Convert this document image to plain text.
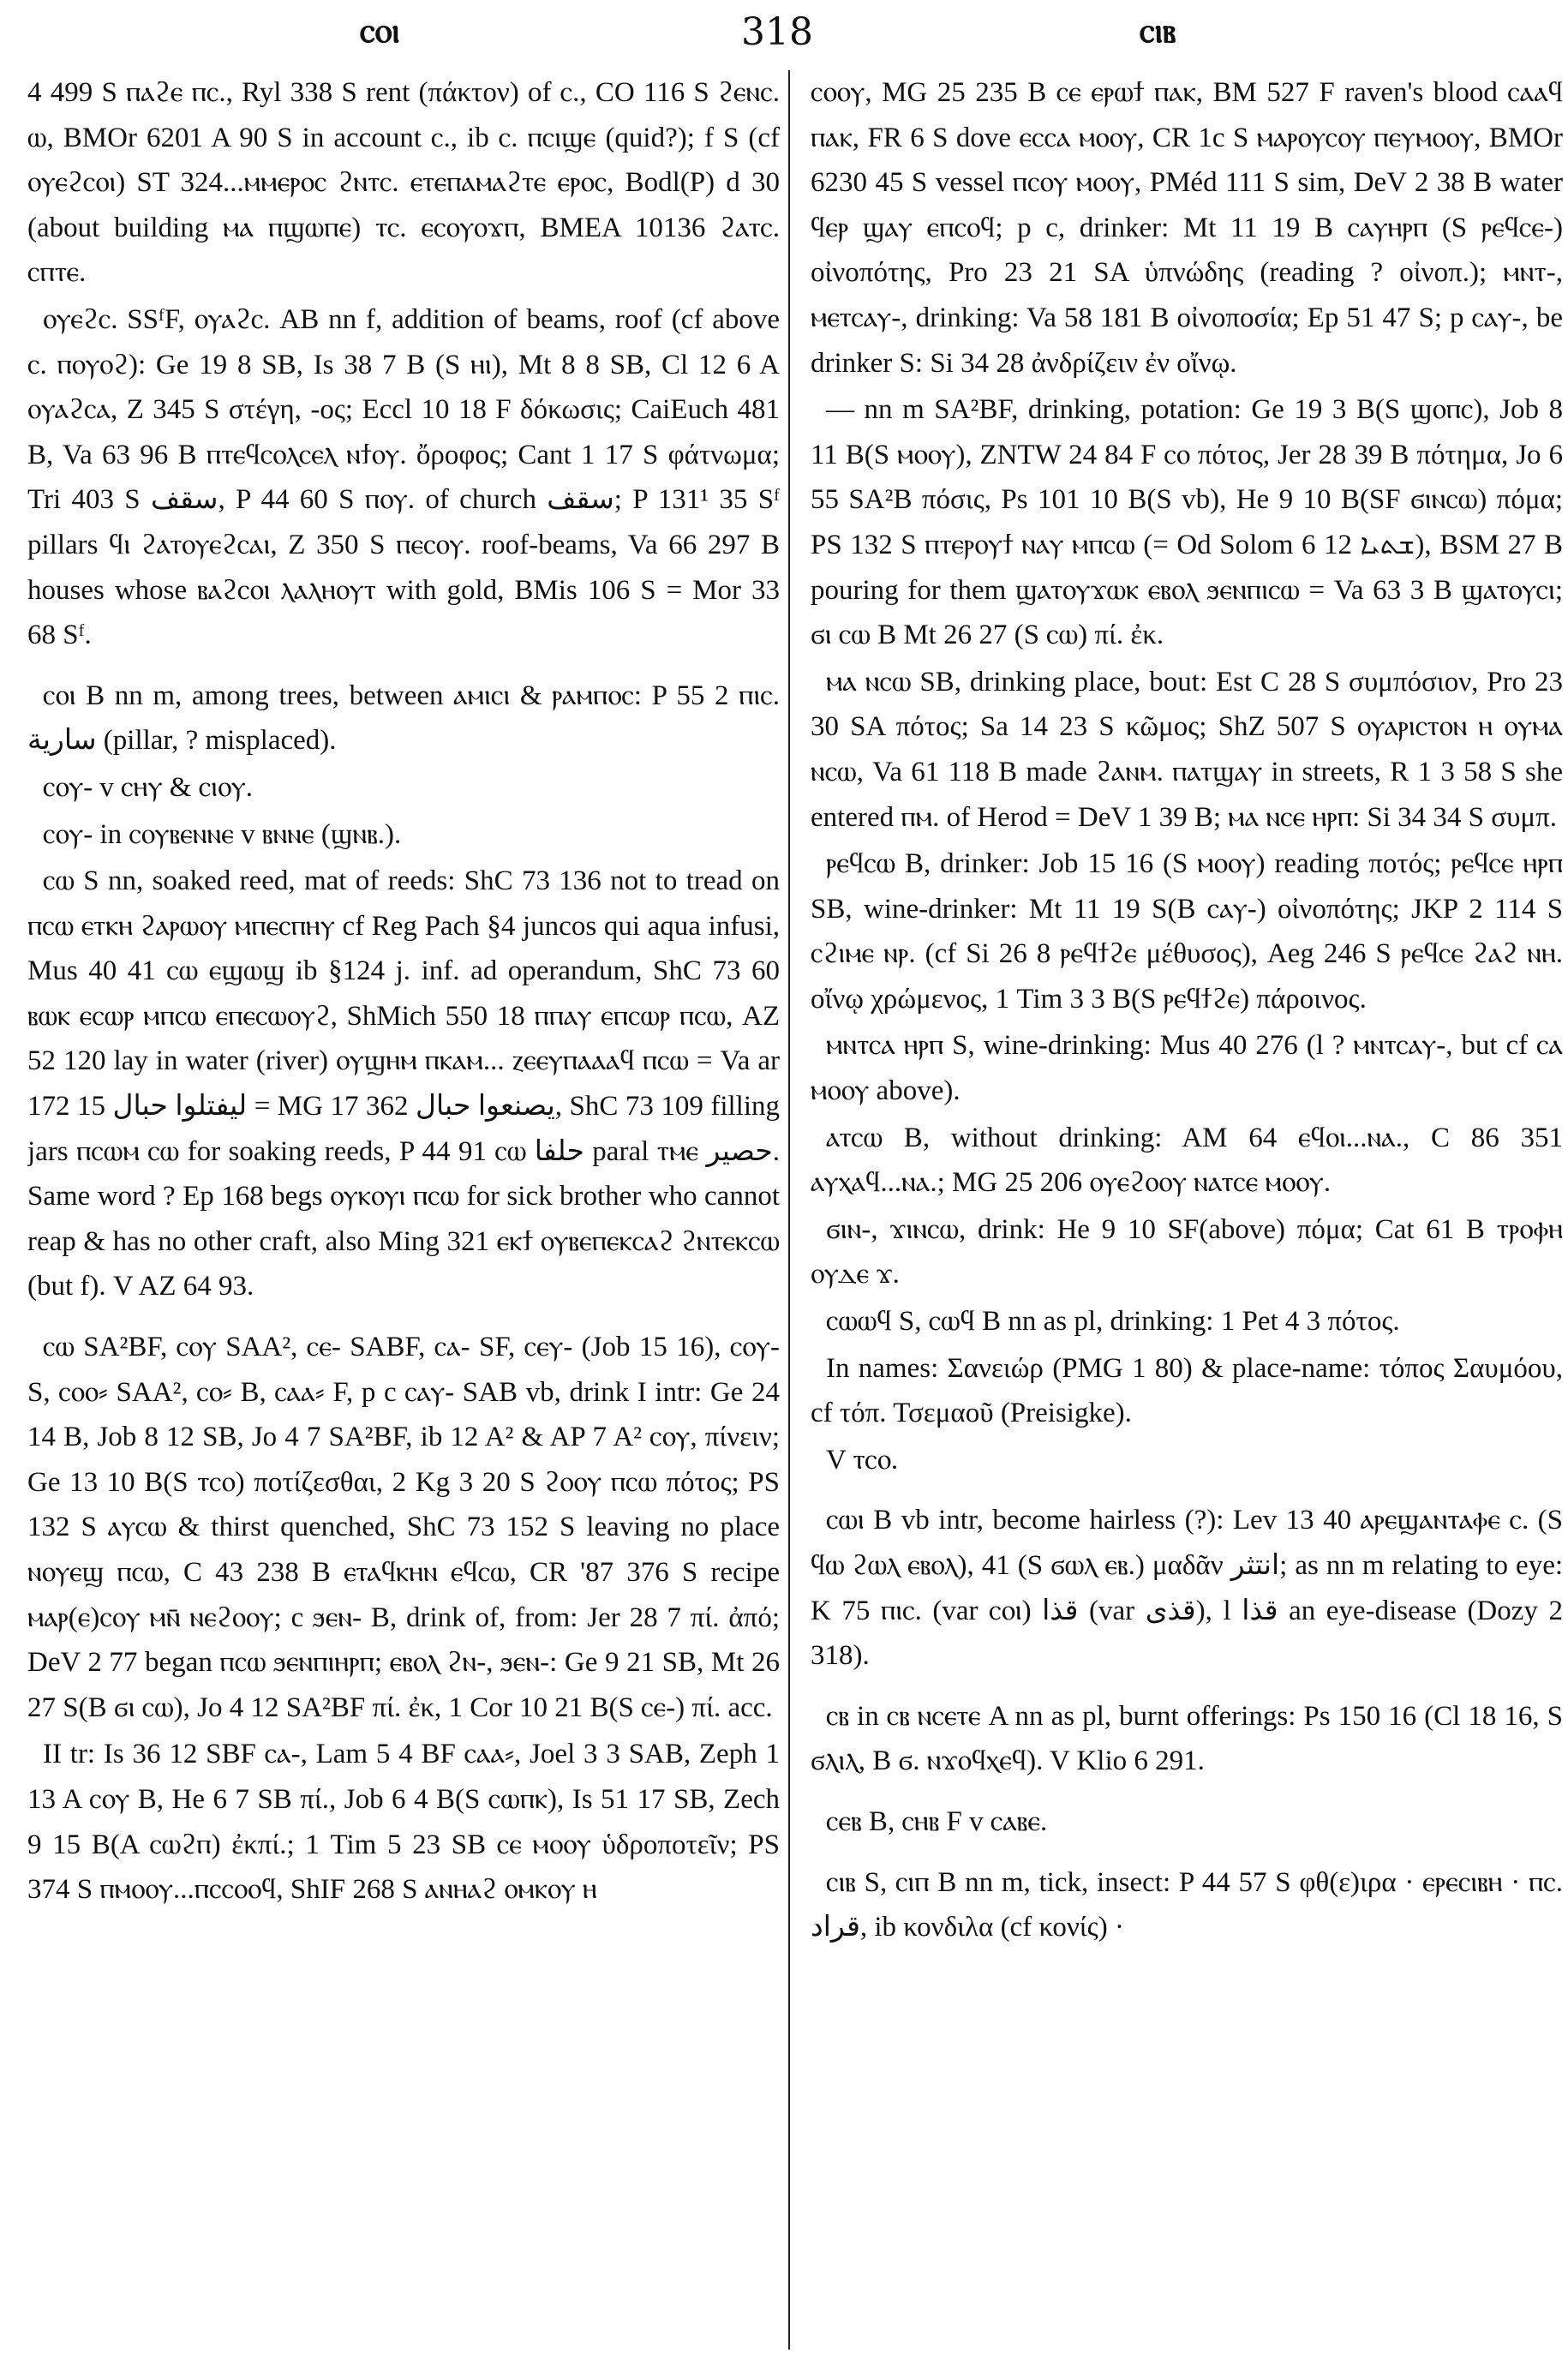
ⲥⲟⲓ	318	ⲥⲓⲃ

4 499 S ⲡⲁϩⲉ ⲡⲥ., Ryl 338 S rent (πάκτον) of ⲥ., CO 116 S ϩⲉⲛⲥ. ⲱ, BMOr 6201 A 90 S in account ⲥ., ib ⲥ. ⲡⲥⲓϣⲉ (quid?); f S (cf ⲟⲩⲉϩⲥⲟⲓ) ST 324...ⲙⲙⲉⲣⲟⲥ ϩⲛⲧⲥ. ⲉⲧⲉⲡⲁⲙⲁϩⲧⲉ ⲉⲣⲟⲥ, Bodl(P) d 30 (about building ⲙⲁ ⲡϣⲱⲡⲉ) ⲧⲥ. ⲉⲥⲟⲩⲟϫⲡ, BMEA 10136 ϩⲁⲧⲥ. ⲥⲡⲧⲉ.

ⲟⲩⲉϩⲥ. SSᶠF, ⲟⲩⲁϩⲥ. AB nn f, addition of beams, roof (cf above ⲥ. ⲡⲟⲩⲟϩ): Ge 19 8 SB, Is 38 7 B (S ⲏⲓ), Mt 8 8 SB, Cl 12 6 A ⲟⲩⲁϩⲥⲁ, Z 345 S στέγη, -ος; Eccl 10 18 F δόκωσις; CaiEuch 481 B, Va 63 96 B ⲡⲧⲉϥⲥⲟⲗⲥⲉⲗ ⲛϯⲟⲩ. ὄροφος; Cant 1 17 S φάτνωμα; Tri 403 S سقف, P 44 60 S ⲡⲟⲩ. of church سقف; P 131¹ 35 Sᶠ pillars ϥⲓ ϩⲁⲧⲟⲩⲉϩⲥⲁⲓ, Z 350 S ⲡⲉⲥⲟⲩ. roof-beams, Va 66 297 B houses whose ⲃⲁϩⲥⲟⲓ ⲗⲁⲗⲏⲟⲩⲧ with gold, BMis 106 S = Mor 33 68 Sᶠ.

ⲥⲟⲓ B nn m, among trees, between ⲁⲙⲓⲥⲓ & ⲣⲁⲙⲡⲟⲥ: P 55 2 ⲡⲓⲥ. سارية (pillar, ? misplaced).

ⲥⲟⲩ- v ⲥⲏⲩ & ⲥⲓⲟⲩ.

ⲥⲟⲩ- in ⲥⲟⲩⲃⲉⲛⲛⲉ v ⲃⲛⲛⲉ (ϣⲛⲃ.).

ⲥⲱ S nn, soaked reed, mat of reeds: ShC 73 136 not to tread on ⲡⲥⲱ ⲉⲧⲕⲏ ϩⲁⲣⲱⲟⲩ ⲙⲡⲉⲥⲡⲏⲩ cf Reg Pach §4 juncos qui aqua infusi, Mus 40 41 ⲥⲱ ⲉϣⲱϣ ib §124 j. inf. ad operandum, ShC 73 60 ⲃⲱⲕ ⲉⲥⲱⲣ ⲙⲡⲥⲱ ⲉⲡⲉⲥⲱⲟⲩϩ, ShMich 550 18 ⲡⲡⲁⲩ ⲉⲡⲥⲱⲣ ⲡⲥⲱ, AZ 52 120 lay in water (river) ⲟⲩϣⲏⲙ ⲡⲕⲁⲙ... ⲍⲉⲉⲩⲡⲁⲁⲁϥ ⲡⲥⲱ = Va ar 172 15 ليفتلوا حبال = MG 17 362 يصنعوا حبال, ShC 73 109 filling jars ⲡⲥⲱⲙ ⲥⲱ for soaking reeds, P 44 91 ⲥⲱ حلفا paral ⲧⲙⲉ حصير. Same word ? Ep 168 begs ⲟⲩⲕⲟⲩⲓ ⲡⲥⲱ for sick brother who cannot reap & has no other craft, also Ming 321 ⲉⲕϯ ⲟⲩⲃⲉⲡⲉⲕⲥⲁϩ ϩⲛⲧⲉⲕⲥⲱ (but f). V AZ 64 93.

ⲥⲱ SA²BF, ⲥⲟⲩ SAA², ⲥⲉ- SABF, ⲥⲁ- SF, ⲥⲉⲩ- (Job 15 16), ⲥⲟⲩ- S, ⲥⲟⲟ⸗ SAA², ⲥⲟ⸗ B, ⲥⲁⲁ⸗ F, p c ⲥⲁⲩ- SAB vb, drink I intr: Ge 24 14 B, Job 8 12 SB, Jo 4 7 SA²BF, ib 12 A² & AP 7 A² ⲥⲟⲩ, πίνειν; Ge 13 10 B(S ⲧⲥⲟ) ποτίζεσθαι, 2 Kg 3 20 S ϩⲟⲟⲩ ⲡⲥⲱ πότος; PS 132 S ⲁⲩⲥⲱ & thirst quenched, ShC 73 152 S leaving no place ⲛⲟⲩⲉϣ ⲡⲥⲱ, C 43 238 B ⲉⲧⲁϥⲕⲏⲛ ⲉϥⲥⲱ, CR '87 376 S recipe ⲙⲁⲣ(ⲉ)ⲥⲟⲩ ⲙⲛ̄ ⲛⲉϩⲟⲟⲩ; c ϧⲉⲛ- B, drink of, from: Jer 28 7 πί. ἀπό; DeV 2 77 began ⲡⲥⲱ ϧⲉⲛⲡⲓⲏⲣⲡ; ⲉⲃⲟⲗ ϩⲛ-, ϧⲉⲛ-: Ge 9 21 SB, Mt 26 27 S(B ϭⲓ ⲥⲱ), Jo 4 12 SA²BF πί. ἐκ, 1 Cor 10 21 B(S ⲥⲉ-) πί. acc.

II tr: Is 36 12 SBF ⲥⲁ-, Lam 5 4 BF ⲥⲁⲁ⸗, Joel 3 3 SAB, Zeph 1 13 A ⲥⲟⲩ B, He 6 7 SB πί., Job 6 4 B(S ⲥⲱⲡⲕ), Is 51 17 SB, Zech 9 15 B(A ⲥⲱϩⲡ) ἐκπί.; 1 Tim 5 23 SB ⲥⲉ ⲙⲟⲟⲩ ὑδροποτεῖν; PS 374 S ⲡⲙⲟⲟⲩ...ⲡⲥⲥⲟⲟϥ, ShIF 268 S ⲁⲛⲏⲁϩ ⲟⲙⲕⲟⲩ ⲏ

ⲥⲟⲟⲩ, MG 25 235 B ⲥⲉ ⲉⲣⲱϯ ⲡⲁⲕ, BM 527 F raven's blood ⲥⲁⲁϥ ⲡⲁⲕ, FR 6 S dove ⲉⲥⲥⲁ ⲙⲟⲟⲩ, CR 1c S ⲙⲁⲣⲟⲩⲥⲟⲩ ⲡⲉⲩⲙⲟⲟⲩ, BMOr 6230 45 S vessel ⲡⲥⲟⲩ ⲙⲟⲟⲩ, PMéd 111 S sim, DeV 2 38 B water ϥⲉⲣ ϣⲁⲩ ⲉⲡⲥⲟϥ; p c, drinker: Mt 11 19 B ⲥⲁⲩⲏⲣⲡ (S ⲣⲉϥⲥⲉ-) οἰνοπότης, Pro 23 21 SA ὑπνώδης (reading ? οἰνοπ.); ⲙⲛⲧ-, ⲙⲉⲧⲥⲁⲩ-, drinking: Va 58 181 B οἰνοποσία; Ep 51 47 S; p ⲥⲁⲩ-, be drinker S: Si 34 28 ἀνδρίζειν ἐν οἴνῳ.

— nn m SA²BF, drinking, potation: Ge 19 3 B(S ϣⲟⲡⲥ), Job 8 11 B(S ⲙⲟⲟⲩ), ZNTW 24 84 F ⲥⲟ πότος, Jer 28 39 B πότημα, Jo 6 55 SA²B πόσις, Ps 101 10 B(S vb), He 9 10 B(SF ϭⲓⲛⲥⲱ) πόμα; PS 132 S ⲡⲧⲉⲣⲟⲩϯ ⲛⲁⲩ ⲙⲡⲥⲱ (= Od Solom 6 12 ܫܬܝܐ), BSM 27 B pouring for them ϣⲁⲧⲟⲩϫⲱⲕ ⲉⲃⲟⲗ ϧⲉⲛⲡⲓⲥⲱ = Va 63 3 B ϣⲁⲧⲟⲩⲥⲓ; ϭⲓ ⲥⲱ B Mt 26 27 (S ⲥⲱ) πί. ἐκ.

ⲙⲁ ⲛⲥⲱ SB, drinking place, bout: Est C 28 S συμπόσιον, Pro 23 30 SA πότος; Sa 14 23 S κῶμος; ShZ 507 S ⲟⲩⲁⲣⲓⲥⲧⲟⲛ ⲏ ⲟⲩⲙⲁ ⲛⲥⲱ, Va 61 118 B made ϩⲁⲛⲙ. ⲡⲁⲧϣⲁⲩ in streets, R 1 3 58 S she entered ⲡⲙ. of Herod = DeV 1 39 B; ⲙⲁ ⲛⲥⲉ ⲏⲣⲡ: Si 34 34 S συμπ.

ⲣⲉϥⲥⲱ B, drinker: Job 15 16 (S ⲙⲟⲟⲩ) reading ποτός; ⲣⲉϥⲥⲉ ⲏⲣⲡ SB, wine-drinker: Mt 11 19 S(B ⲥⲁⲩ-) οἰνοπότης; JKP 2 114 S ⲥϩⲓⲙⲉ ⲛⲣ. (cf Si 26 8 ⲣⲉϥϯϩⲉ μέθυσος), Aeg 246 S ⲣⲉϥⲥⲉ ϩⲁϩ ⲛⲏ. οἴνῳ χρώμενος, 1 Tim 3 3 B(S ⲣⲉϥϯϩⲉ) πάροινος.

ⲙⲛⲧⲥⲁ ⲏⲣⲡ S, wine-drinking: Mus 40 276 (l ? ⲙⲛⲧⲥⲁⲩ-, but cf ⲥⲁ ⲙⲟⲟⲩ above).

ⲁⲧⲥⲱ B, without drinking: AM 64 ⲉϥⲟⲓ...ⲛⲁ., C 86 351 ⲁⲩⲭⲁϥ...ⲛⲁ.; MG 25 206 ⲟⲩⲉϩⲟⲟⲩ ⲛⲁⲧⲥⲉ ⲙⲟⲟⲩ.

ϭⲓⲛ-, ϫⲓⲛⲥⲱ, drink: He 9 10 SF(above) πόμα; Cat 61 B ⲧⲣⲟⲫⲏ ⲟⲩⲇⲉ ϫ.

ⲥⲱⲱϥ S, ⲥⲱϥ B nn as pl, drinking: 1 Pet 4 3 πότος.

In names: Σανειώρ (PMG 1 80) & place-name: τόπος Σαυμόου, cf τόπ. Τσεμαοῦ (Preisigke).

V ⲧⲥⲟ.

ⲥⲱⲓ B vb intr, become hairless (?): Lev 13 40 ⲁⲣⲉϣⲁⲛⲧⲁⲫⲉ ⲥ. (S ϥⲱ ϩⲱⲗ ⲉⲃⲟⲗ), 41 (S ϭⲱⲗ ⲉⲃ.) μαδᾶν انتثر; as nn m relating to eye: K 75 ⲡⲓⲥ. (var ⲥⲟⲓ) قذا (var قذى), l قذا an eye-disease (Dozy 2 318).

ⲥⲃ in ⲥⲃ ⲛⲥⲉⲧⲉ A nn as pl, burnt offerings: Ps 150 16 (Cl 18 16, S ϭⲗⲓⲗ, B ϭ. ⲛϫⲟϥⲭⲉϥ). V Klio 6 291.

ⲥⲉⲃ B, ⲥⲏⲃ F v ⲥⲁⲃⲉ.

ⲥⲓⲃ S, ⲥⲓⲡ B nn m, tick, insect: P 44 57 S φθ(ε)ιρα · ⲉⲣⲉⲥⲓⲃⲏ · ⲡⲥ. قراد, ib κονδιλα (cf κονίς) ·
